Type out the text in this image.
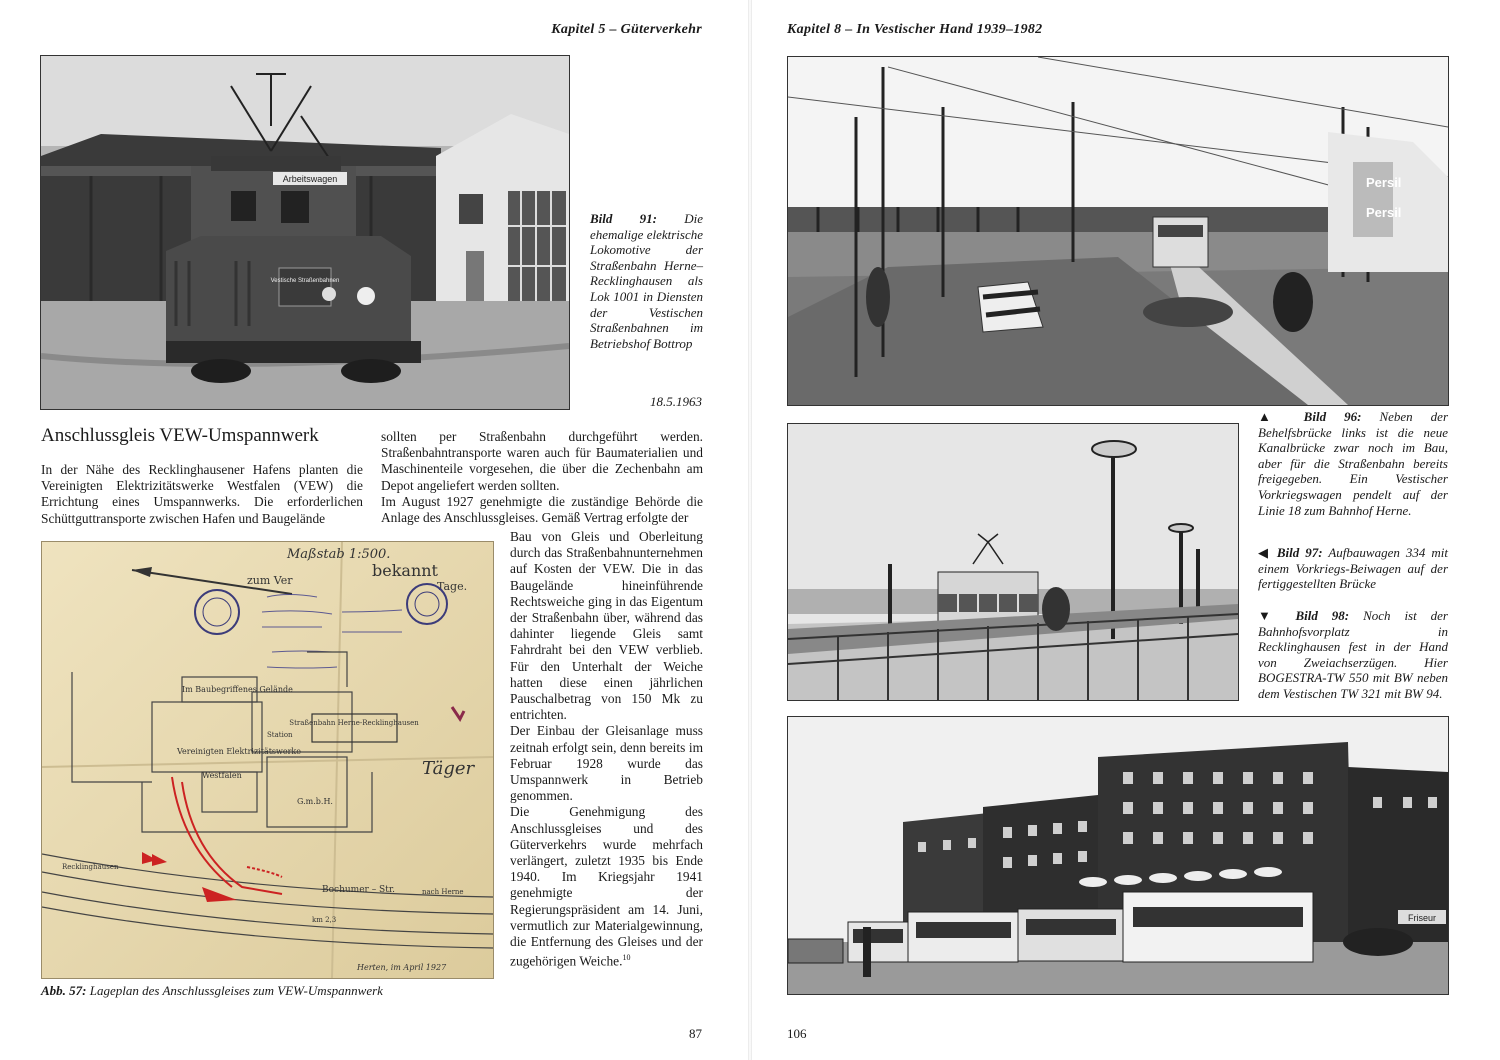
Kapitel 5 – Güterverkehr
Arbeitswagen
Vestische Straßenbahnen
Bild 91: Die ehemalige elektrische Lokomotive der Straßenbahn Herne–Recklinghausen als Lok 1001 in Diensten der Vestischen Straßenbahnen im Betriebshof Bottrop
18.5.1963
Anschlussgleis VEW-Umspannwerk

In der Nähe des Recklinghausener Hafens planten die Vereinigten Elektrizitätswerke Westfalen (VEW) die Errichtung eines Umspannwerks. Die erforderlichen Schüttguttransporte zwischen Hafen und Baugelände

sollten per Straßenbahn durchgeführt werden. Straßenbahntransporte waren auch für Baumaterialien und Maschinenteile vorgesehen, die über die Zechenbahn am Depot angeliefert werden sollten.

Im August 1927 genehmigte die zuständige Behörde die Anlage des Anschlussgleises. Gemäß Vertrag erfolgte der

Maßstab 1:500.
bekannt
zum Ver	Tage.
Straßenbahn Herne-Recklinghausen
Im Baubegriffenes Gelände
Vereinigten Elektrizitätswerke
Westfalen
G.m.b.H.
Station
Täger
Bochumer – Str.	nach Herne
Recklinghausen
km 2,3
Herten, im April 1927

Bau von Gleis und Oberleitung durch das Straßenbahnunternehmen auf Kosten der VEW. Die in das Baugelände hineinführende Rechtsweiche ging in das Eigentum der Straßenbahn über, während das dahinter liegende Gleis samt Fahrdraht bei den VEW verblieb. Für den Unterhalt der Weiche hatten diese einen jährlichen Pauschalbetrag von 150 Mk zu entrichten.

Der Einbau der Gleisanlage muss zeitnah erfolgt sein, denn bereits im Februar 1928 wurde das Umspannwerk in Betrieb genommen.

Die Genehmigung des Anschlussgleises und des Güterverkehrs wurde mehrfach verlängert, zuletzt 1935 bis Ende 1940. Im Kriegsjahr 1941 genehmigte der Regierungspräsident am 14. Juni, vermutlich zur Materialgewinnung, die Entfernung des Gleises und der zugehörigen Weiche.$^{10}$

Abb. 57: Lageplan des Anschlussgleises zum VEW-Umspannwerk
87
Kapitel 8 – In Vestischer Hand 1939–1982
Persil
Persil
Friseur
▲ Bild 96: Neben der Behelfsbrücke links ist die neue Kanalbrücke zwar noch im Bau, aber für die Straßenbahn bereits freigegeben. Ein Vestischer Vorkriegswagen pendelt auf der Linie 18 zum Bahnhof Herne.
◀ Bild 97: Aufbauwagen 334 mit einem Vorkriegs-Beiwagen auf der fertiggestellten Brücke
▼ Bild 98: Noch ist der Bahnhofsvorplatz in Recklinghausen fest in der Hand von Zweiachserzügen. Hier BOGESTRA-TW 550 mit BW neben dem Vestischen TW 321 mit BW 94.
106
